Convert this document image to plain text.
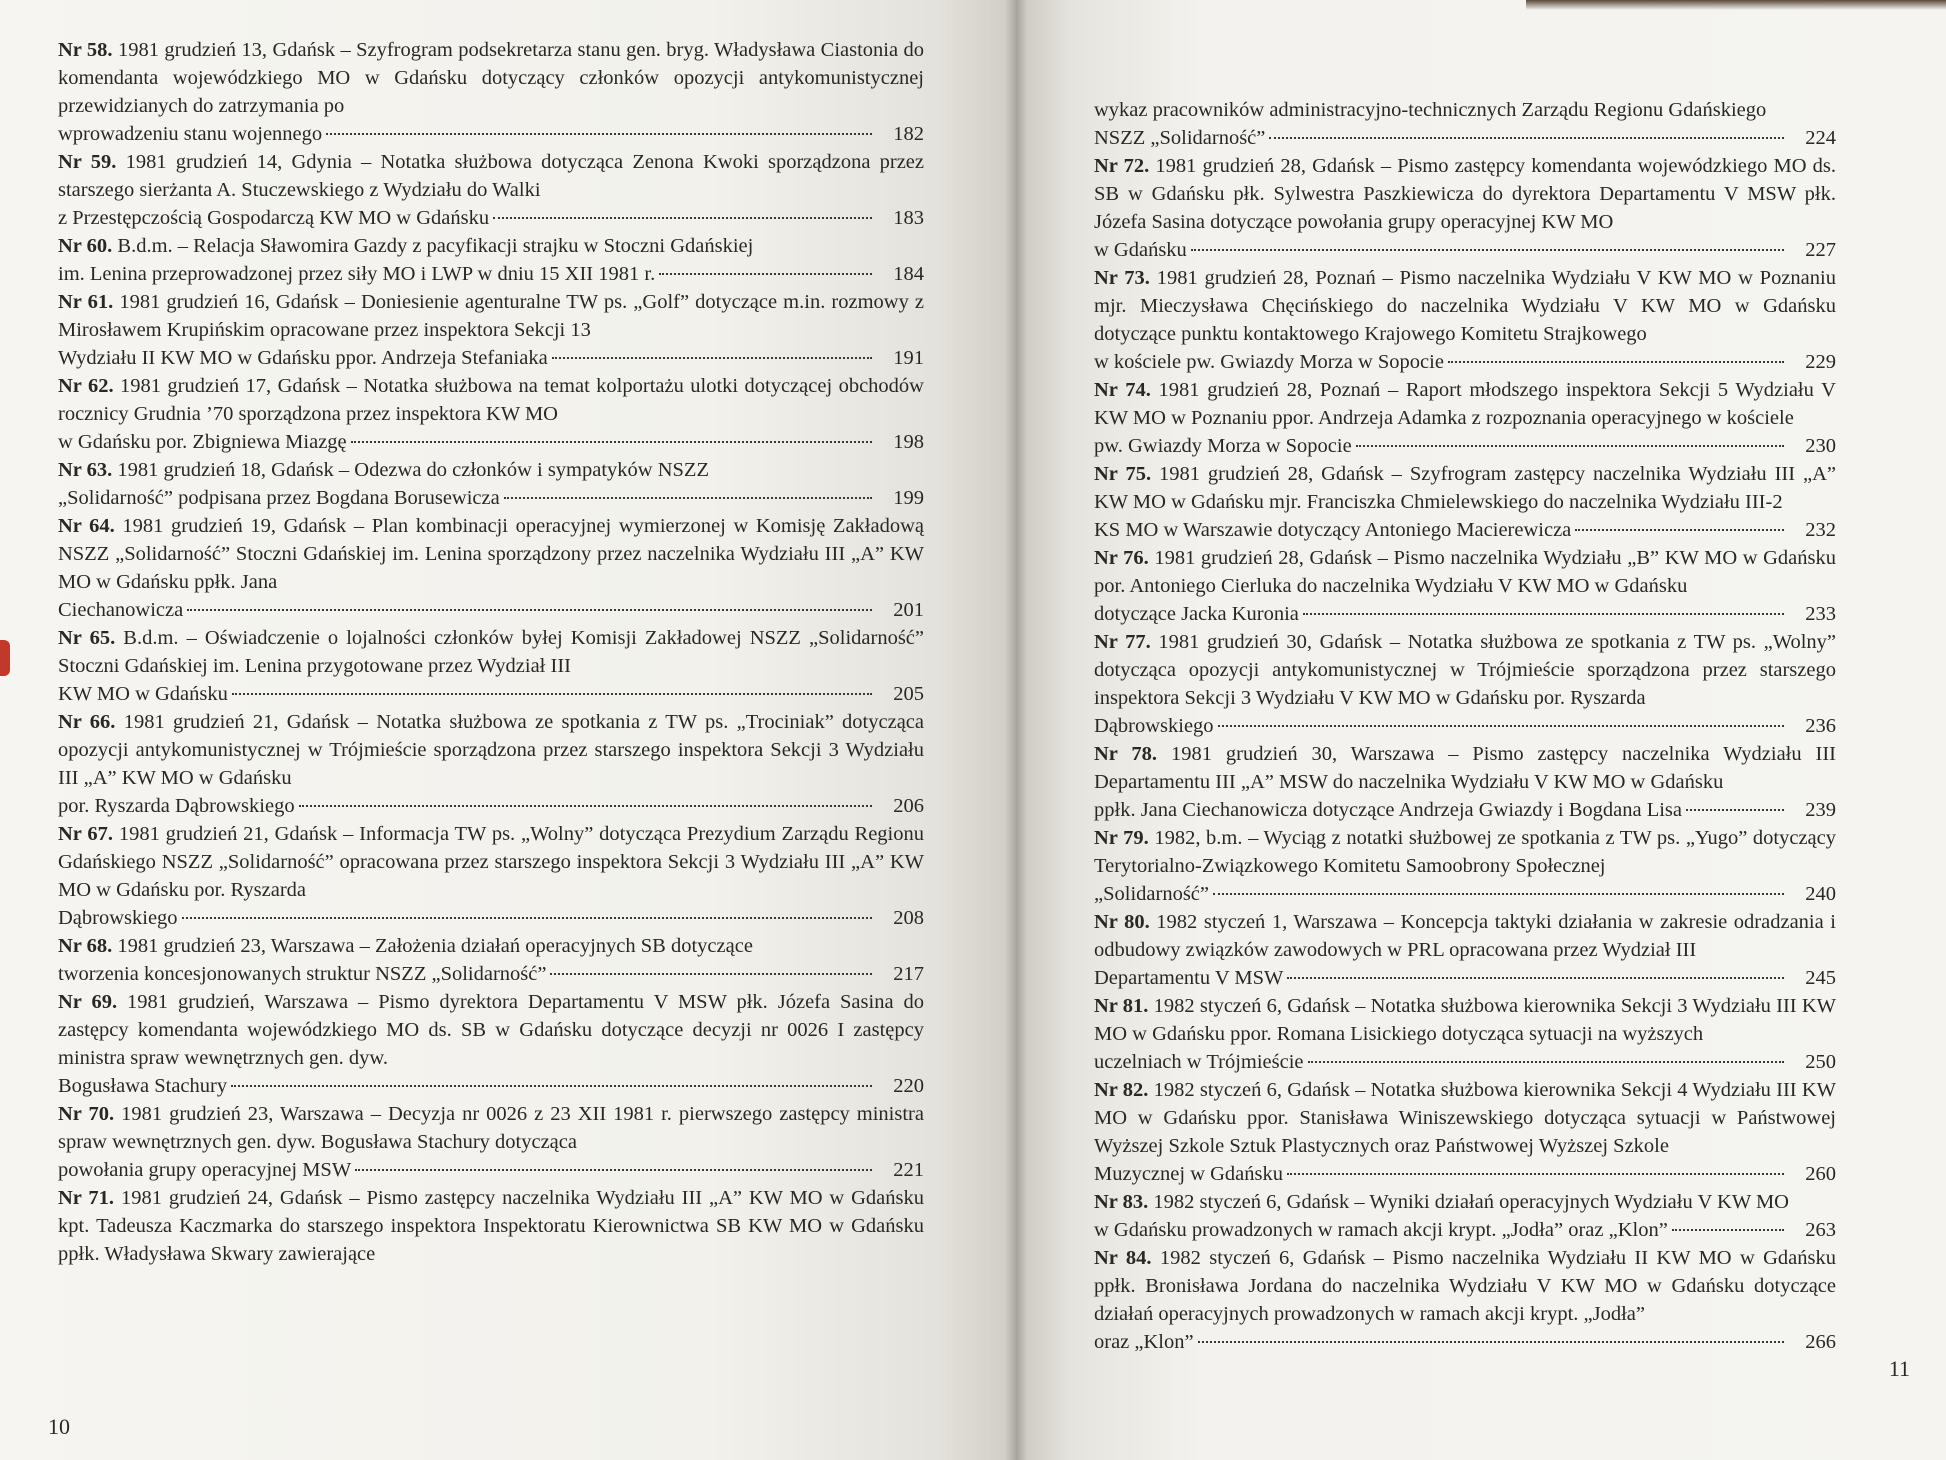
Nr 58. 1981 grudzień 13, Gdańsk – Szyfrogram podsekretarza stanu gen. bryg. Władysława Ciastonia do komendanta wojewódzkiego MO w Gdańsku dotyczący członków opozycji antykomunistycznej przewidzianych do zatrzymania po
wprowadzeniu stanu wojennego	182
Nr 59. 1981 grudzień 14, Gdynia – Notatka służbowa dotycząca Zenona Kwoki sporządzona przez starszego sierżanta A. Stuczewskiego z Wydziału do Walki
z Przestępczością Gospodarczą KW MO w Gdańsku	183
Nr 60. B.d.m. – Relacja Sławomira Gazdy z pacyfikacji strajku w Stoczni Gdańskiej
im. Lenina przeprowadzonej przez siły MO i LWP w dniu 15 XII 1981 r.	184
Nr 61. 1981 grudzień 16, Gdańsk – Doniesienie agenturalne TW ps. „Golf” dotyczące m.in. rozmowy z Mirosławem Krupińskim opracowane przez inspektora Sekcji 13
Wydziału II KW MO w Gdańsku ppor. Andrzeja Stefaniaka	191
Nr 62. 1981 grudzień 17, Gdańsk – Notatka służbowa na temat kolportażu ulotki dotyczącej obchodów rocznicy Grudnia ’70 sporządzona przez inspektora KW MO
w Gdańsku por. Zbigniewa Miazgę	198
Nr 63. 1981 grudzień 18, Gdańsk – Odezwa do członków i sympatyków NSZZ
„Solidarność” podpisana przez Bogdana Borusewicza	199
Nr 64. 1981 grudzień 19, Gdańsk – Plan kombinacji operacyjnej wymierzonej w Komisję Zakładową NSZZ „Solidarność” Stoczni Gdańskiej im. Lenina sporządzony przez naczelnika Wydziału III „A” KW MO w Gdańsku ppłk. Jana
Ciechanowicza	201
Nr 65. B.d.m. – Oświadczenie o lojalności członków byłej Komisji Zakładowej NSZZ „Solidarność” Stoczni Gdańskiej im. Lenina przygotowane przez Wydział III
KW MO w Gdańsku	205
Nr 66. 1981 grudzień 21, Gdańsk – Notatka służbowa ze spotkania z TW ps. „Trociniak” dotycząca opozycji antykomunistycznej w Trójmieście sporządzona przez starszego inspektora Sekcji 3 Wydziału III „A” KW MO w Gdańsku
por. Ryszarda Dąbrowskiego	206
Nr 67. 1981 grudzień 21, Gdańsk – Informacja TW ps. „Wolny” dotycząca Prezydium Zarządu Regionu Gdańskiego NSZZ „Solidarność” opracowana przez starszego inspektora Sekcji 3 Wydziału III „A” KW MO w Gdańsku por. Ryszarda
Dąbrowskiego	208
Nr 68. 1981 grudzień 23, Warszawa – Założenia działań operacyjnych SB dotyczące
tworzenia koncesjonowanych struktur NSZZ „Solidarność”	217
Nr 69. 1981 grudzień, Warszawa – Pismo dyrektora Departamentu V MSW płk. Józefa Sasina do zastępcy komendanta wojewódzkiego MO ds. SB w Gdańsku dotyczące decyzji nr 0026 I zastępcy ministra spraw wewnętrznych gen. dyw.
Bogusława Stachury	220
Nr 70. 1981 grudzień 23, Warszawa – Decyzja nr 0026 z 23 XII 1981 r. pierwszego zastępcy ministra spraw wewnętrznych gen. dyw. Bogusława Stachury dotycząca
powołania grupy operacyjnej MSW	221
Nr 71. 1981 grudzień 24, Gdańsk – Pismo zastępcy naczelnika Wydziału III „A” KW MO w Gdańsku kpt. Tadeusza Kaczmarka do starszego inspektora Inspektoratu Kierownictwa SB KW MO w Gdańsku ppłk. Władysława Skwary zawierające
wykaz pracowników administracyjno-technicznych Zarządu Regionu Gdańskiego
NSZZ „Solidarność”	224
Nr 72. 1981 grudzień 28, Gdańsk – Pismo zastępcy komendanta wojewódzkiego MO ds. SB w Gdańsku płk. Sylwestra Paszkiewicza do dyrektora Departamentu V MSW płk. Józefa Sasina dotyczące powołania grupy operacyjnej KW MO
w Gdańsku	227
Nr 73. 1981 grudzień 28, Poznań – Pismo naczelnika Wydziału V KW MO w Poznaniu mjr. Mieczysława Chęcińskiego do naczelnika Wydziału V KW MO w Gdańsku dotyczące punktu kontaktowego Krajowego Komitetu Strajkowego
w kościele pw. Gwiazdy Morza w Sopocie	229
Nr 74. 1981 grudzień 28, Poznań – Raport młodszego inspektora Sekcji 5 Wydziału V KW MO w Poznaniu ppor. Andrzeja Adamka z rozpoznania operacyjnego w kościele
pw. Gwiazdy Morza w Sopocie	230
Nr 75. 1981 grudzień 28, Gdańsk – Szyfrogram zastępcy naczelnika Wydziału III „A” KW MO w Gdańsku mjr. Franciszka Chmielewskiego do naczelnika Wydziału III-2
KS MO w Warszawie dotyczący Antoniego Macierewicza	232
Nr 76. 1981 grudzień 28, Gdańsk – Pismo naczelnika Wydziału „B” KW MO w Gdańsku por. Antoniego Cierluka do naczelnika Wydziału V KW MO w Gdańsku
dotyczące Jacka Kuronia	233
Nr 77. 1981 grudzień 30, Gdańsk – Notatka służbowa ze spotkania z TW ps. „Wolny” dotycząca opozycji antykomunistycznej w Trójmieście sporządzona przez starszego inspektora Sekcji 3 Wydziału V KW MO w Gdańsku por. Ryszarda
Dąbrowskiego	236
Nr 78. 1981 grudzień 30, Warszawa – Pismo zastępcy naczelnika Wydziału III Departamentu III „A” MSW do naczelnika Wydziału V KW MO w Gdańsku
ppłk. Jana Ciechanowicza dotyczące Andrzeja Gwiazdy i Bogdana Lisa	239
Nr 79. 1982, b.m. – Wyciąg z notatki służbowej ze spotkania z TW ps. „Yugo” dotyczący Terytorialno-Związkowego Komitetu Samoobrony Społecznej
„Solidarność”	240
Nr 80. 1982 styczeń 1, Warszawa – Koncepcja taktyki działania w zakresie odradzania i odbudowy związków zawodowych w PRL opracowana przez Wydział III
Departamentu V MSW	245
Nr 81. 1982 styczeń 6, Gdańsk – Notatka służbowa kierownika Sekcji 3 Wydziału III KW MO w Gdańsku ppor. Romana Lisickiego dotycząca sytuacji na wyższych
uczelniach w Trójmieście	250
Nr 82. 1982 styczeń 6, Gdańsk – Notatka służbowa kierownika Sekcji 4 Wydziału III KW MO w Gdańsku ppor. Stanisława Winiszewskiego dotycząca sytuacji w Państwowej Wyższej Szkole Sztuk Plastycznych oraz Państwowej Wyższej Szkole
Muzycznej w Gdańsku	260
Nr 83. 1982 styczeń 6, Gdańsk – Wyniki działań operacyjnych Wydziału V KW MO
w Gdańsku prowadzonych w ramach akcji krypt. „Jodła” oraz „Klon”	263
Nr 84. 1982 styczeń 6, Gdańsk – Pismo naczelnika Wydziału II KW MO w Gdańsku ppłk. Bronisława Jordana do naczelnika Wydziału V KW MO w Gdańsku dotyczące działań operacyjnych prowadzonych w ramach akcji krypt. „Jodła”
oraz „Klon”	266
10
11
